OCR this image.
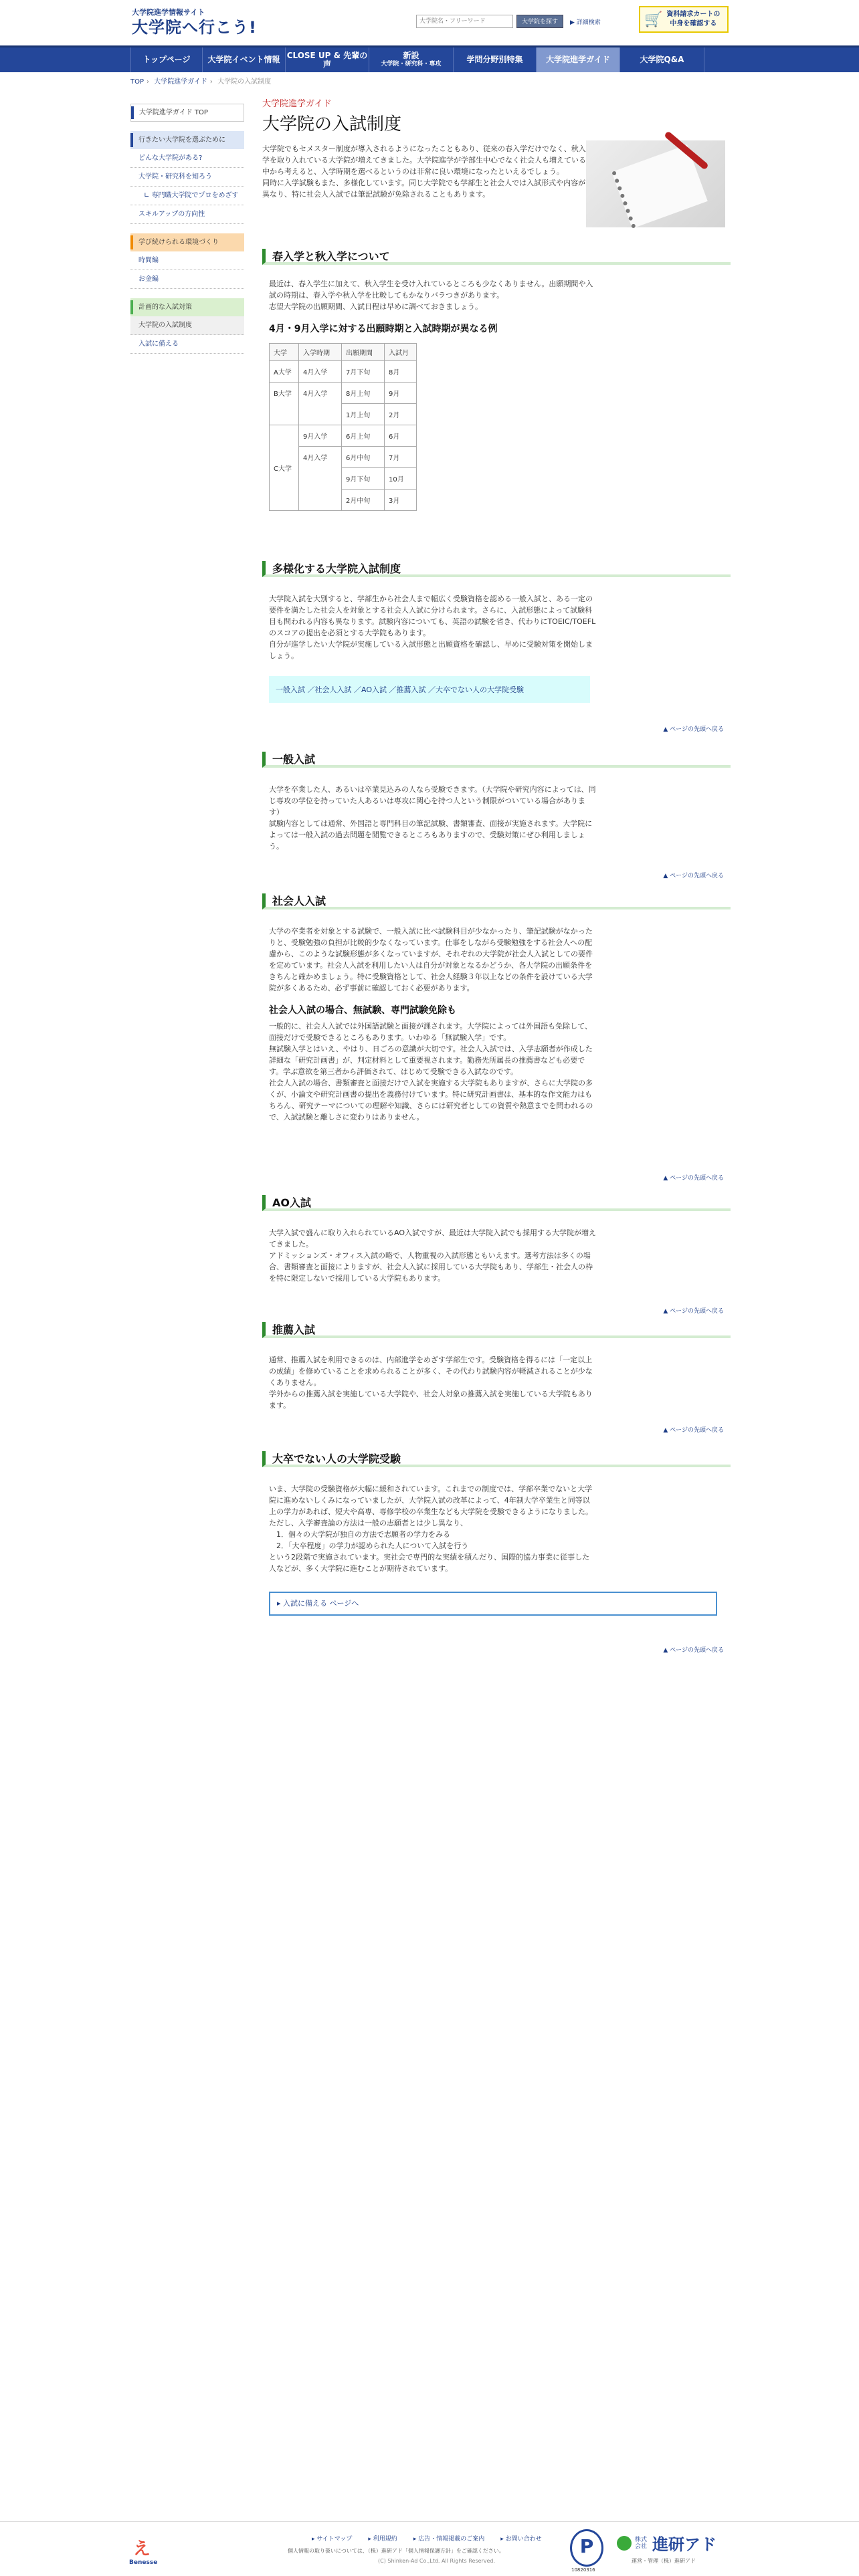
大学院進学情報サイト
大学院へ行こう!
大学院名・フリーワード	大学院を探す	▶ 詳細検索	🛒 資料請求カートの
中身を確認する
トップページ 大学院イベント情報 CLOSE UP & 先輩の声
新設
大学院・研究科・専攻	学問分野別特集	大学院進学ガイド	大学院Q&A
TOP › 大学院進学ガイド › 大学院の入試制度
大学院進学ガイド TOP
行きたい大学院を選ぶために
どんな大学院がある?
大学院・研究科を知ろう
∟ 専門職大学院でプロをめざす
スキルアップの方向性
学び続けられる環境づくり
時間編
お金編
計画的な入試対策
大学院の入試制度
入試に備える
大学院進学ガイド
大学院の入試制度

大学院でもセメスター制度が導入されるようになったこともあり、従来の春入学だけでなく、秋入学を取り入れている大学院が増えてきました。大学院進学が学部生中心でなく社会人も増えている中から考えると、入学時期を選べるというのは非常に良い環境になったといえるでしょう。
同時に入学試験もまた、多様化しています。同じ大学院でも学部生と社会人では入試形式や内容が異なり、特に社会人入試では筆記試験が免除されることもあります。

春入学と秋入学について

最近は、春入学生に加えて、秋入学生を受け入れているところも少なくありません。出願期間や入試の時期は、春入学や秋入学を比較してもかなりバラつきがあります。
志望大学院の出願期間、入試日程は早めに調べておきましょう。

4月・9月入学に対する出願時期と入試時期が異なる例
大学	入学時期	出願期間	入試月
A大学	4月入学	7月下旬	8月
B大学	4月入学	8月上旬	9月
		1月上旬	2月
C大学	9月入学	6月上旬	6月
	4月入学	6月中旬	7月
		9月下旬	10月
		2月中旬	3月
多様化する大学院入試制度

大学院入試を大別すると、学部生から社会人まで幅広く受験資格を認める一般入試と、ある一定の要件を満たした社会人を対象とする社会人入試に分けられます。さらに、入試形態によって試験科目も問われる内容も異なります。試験内容についても、英語の試験を省き、代わりにTOEIC/TOEFLのスコアの提出を必須とする大学院もあります。
自分が進学したい大学院が実施している入試形態と出願資格を確認し、早めに受験対策を開始しましょう。

一般入試 ／社会人入試 ／AO入試 ／推薦入試 ／大卒でない人の大学院受験
▲ ページの先頭へ戻る
一般入試

大学を卒業した人、あるいは卒業見込みの人なら受験できます。（大学院や研究内容によっては、同じ専攻の学位を持っていた人あるいは専攻に関心を持つ人という制限がついている場合があります）
試験内容としては通常、外国語と専門科目の筆記試験、書類審査、面接が実施されます。大学院によっては一般入試の過去問題を閲覧できるところもありますので、受験対策にぜひ利用しましょう。

▲ ページの先頭へ戻る
社会人入試

大学の卒業者を対象とする試験で、一般入試に比べ試験科目が少なかったり、筆記試験がなかったりと、受験勉強の負担が比較的少なくなっています。仕事をしながら受験勉強をする社会人への配慮から、このような試験形態が多くなっていますが、それぞれの大学院が社会人入試としての要件を定めています。社会人入試を利用したい人は自分が対象となるかどうか、各大学院の出願条件をきちんと確かめましょう。特に受験資格として、社会人経験３年以上などの条件を設けている大学院が多くあるため、必ず事前に確認しておく必要があります。

社会人入試の場合、無試験、専門試験免除も

一般的に、社会人入試では外国語試験と面接が課されます。大学院によっては外国語も免除して、面接だけで受験できるところもあります。いわゆる「無試験入学」です。
無試験入学とはいえ、やはり、日ごろの意識が大切です。社会人入試では、入学志願者が作成した詳細な「研究計画書」が、判定材料として重要視されます。勤務先所属長の推薦書なども必要です。学ぶ意欲を第三者から評価されて、はじめて受験できる入試なのです。
社会人入試の場合、書類審査と面接だけで入試を実施する大学院もありますが、さらに大学院の多くが、小論文や研究計画書の提出を義務付けています。特に研究計画書は、基本的な作文能力はもちろん、研究テーマについての理解や知識、さらには研究者としての資質や熱意までを問われるので、入試試験と離しさに変わりはありません。

▲ ページの先頭へ戻る
AO入試

大学入試で盛んに取り入れられているAO入試ですが、最近は大学院入試でも採用する大学院が増えてきました。
アドミッションズ・オフィス入試の略で、人物重視の入試形態ともいえます。選考方法は多くの場合、書類審査と面接によりますが、社会人入試に採用している大学院もあり、学部生・社会人の枠を特に限定しないで採用している大学院もあります。

▲ ページの先頭へ戻る
推薦入試

通常、推薦入試を利用できるのは、内部進学をめざす学部生です。受験資格を得るには「一定以上の成績」を修めていることを求められることが多く、その代わり試験内容が軽減されることが少なくありません。
学外からの推薦入試を実施している大学院や、社会人対象の推薦入試を実施している大学院もあります。

▲ ページの先頭へ戻る
大卒でない人の大学院受験

いま、大学院の受験資格が大幅に緩和されています。これまでの制度では、学部卒業でないと大学院に進めないしくみになっていましたが、大学院入試の改革によって、4年制大学卒業生と同等以上の学力があれば、短大や高専、専修学校の卒業生なども大学院を受験できるようになりました。
ただし、入学審査論の方法は一般の志願者とは少し異なり、
　1．個々の大学院が独自の方法で志願者の学力をみる
　2．「大卒程度」の学力が認められた人について入試を行う
という2段階で実施されています。実社会で専門的な実績を積んだり、国際的協力事業に従事した人などが、多く大学院に進むことが期待されています。

▸ 入試に備える ページへ
▲ ページの先頭へ戻る
え
Benesse
▸ サイトマップ	▸ 利用規約	▸ 広告・情報掲載のご案内	▸ お問い合わせ
個人情報の取り扱いについては、（株）進研アド「個人情報保護方針」をご確認ください。
(C) Shinken-Ad Co.,Ltd. All Rights Reserved.
P
10820316
株式会社 進研アド
運営・管理（株）進研アド
